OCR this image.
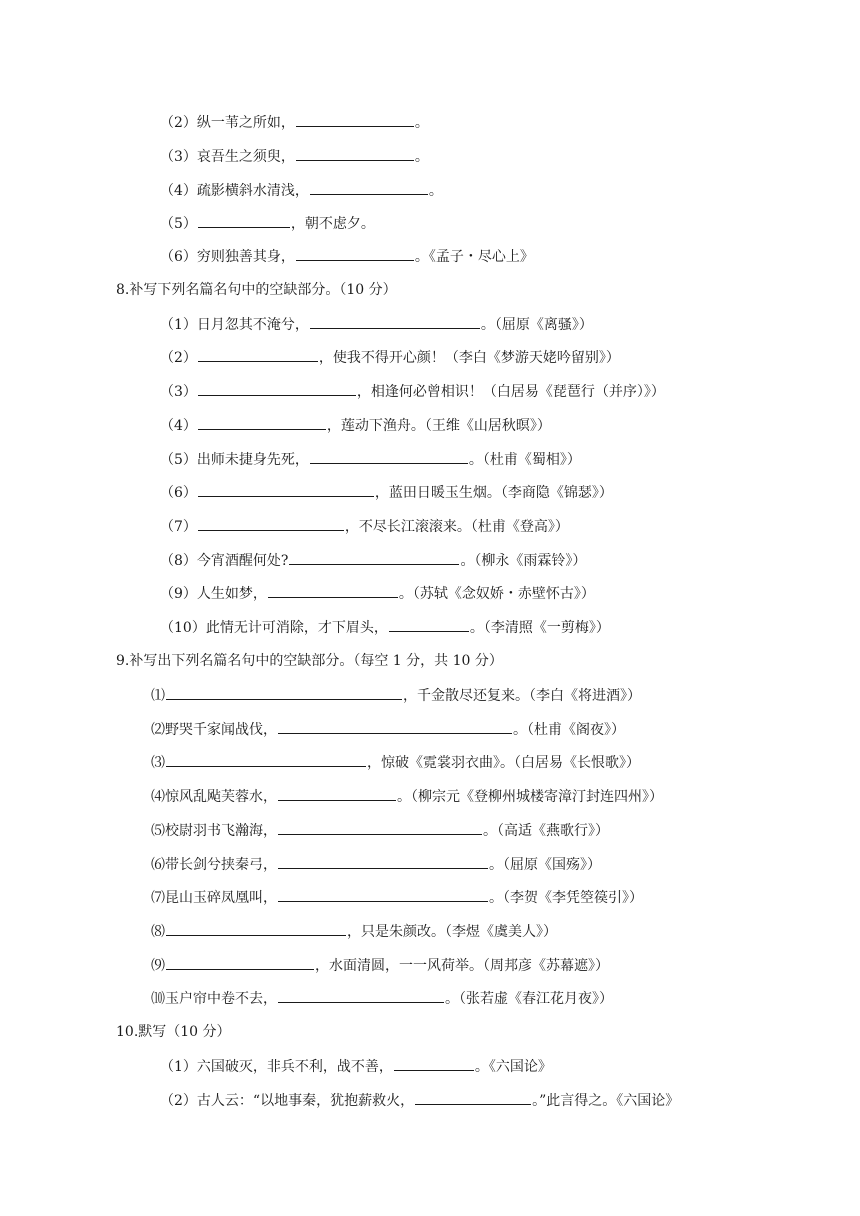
（2）纵一苇之所如，	。
（3）哀吾生之须臾，	。
（4）疏影横斜水清浅，	。
（5）	，朝不虑夕。
（6）穷则独善其身，	。《孟子・尽心上》
8.补写下列名篇名句中的空缺部分。（10 分）
（1）日月忽其不淹兮，	。（屈原《离骚》）
（2）	，使我不得开心颜！（李白《梦游天姥吟留别》）
（3）	，相逢何必曾相识！（白居易《琵琶行（并序）》）
（4）	，莲动下渔舟。（王维《山居秋暝》）
（5）出师未捷身先死，	。（杜甫《蜀相》）
（6）	，蓝田日暖玉生烟。（李商隐《锦瑟》）
（7）	，不尽长江滚滚来。（杜甫《登高》）
（8）今宵酒醒何处?	。（柳永《雨霖铃》）
（9）人生如梦，	。（苏轼《念奴娇・赤壁怀古》）
（10）此情无计可消除，才下眉头，	。（李清照《一剪梅》）
9.补写出下列名篇名句中的空缺部分。（每空 1 分，共 10 分）
⑴	，千金散尽还复来。（李白《将进酒》）
⑵野哭千家闻战伐，	。（杜甫《阁夜》）
⑶	，惊破《霓裳羽衣曲》。（白居易《长恨歌》）
⑷惊风乱飐芙蓉水，	。（柳宗元《登柳州城楼寄漳汀封连四州》）
⑸校尉羽书飞瀚海，	。（高适《燕歌行》）
⑹带长剑兮挟秦弓，	。（屈原《国殇》）
⑺昆山玉碎凤凰叫，	。（李贺《李凭箜篌引》）
⑻	，只是朱颜改。（李煜《虞美人》）
⑼	，水面清圆，一一风荷举。（周邦彦《苏幕遮》）
⑽玉户帘中卷不去，	。（张若虚《春江花月夜》）
10.默写（10 分）
（1）六国破灭，非兵不利，战不善，	。《六国论》
（2）古人云：“以地事秦，犹抱薪救火，	。”此言得之。《六国论》
